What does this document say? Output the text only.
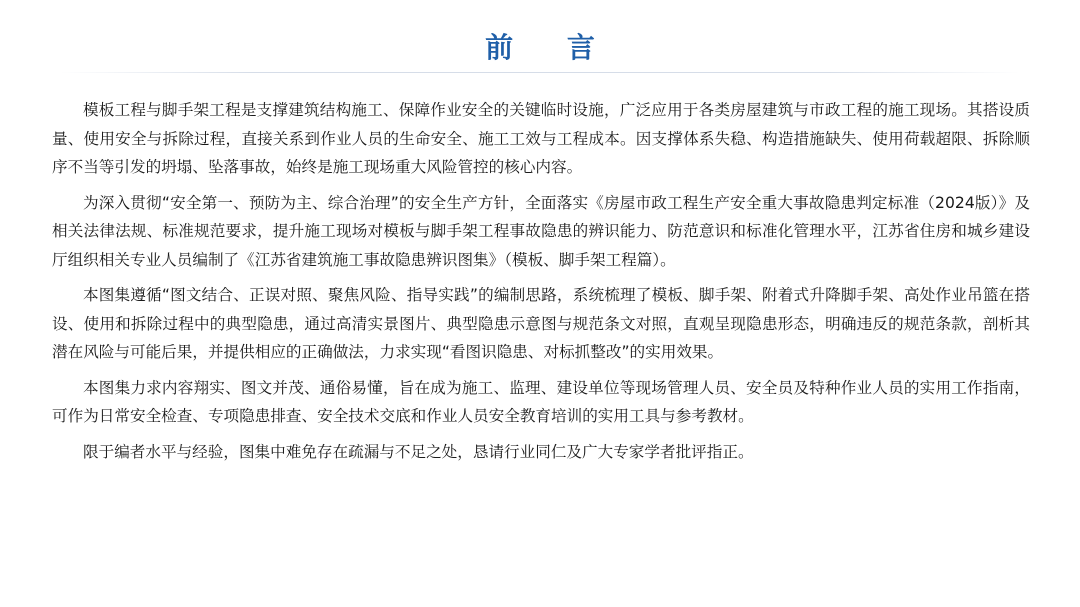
前 言

模板工程与脚手架工程是支撑建筑结构施工、保障作业安全的关键临时设施，广泛应用于各类房屋建筑与市政工程的施工现场。其搭设质量、使用安全与拆除过程，直接关系到作业人员的生命安全、施工工效与工程成本。因支撑体系失稳、构造措施缺失、使用荷载超限、拆除顺序不当等引发的坍塌、坠落事故，始终是施工现场重大风险管控的核心内容。

为深入贯彻“安全第一、预防为主、综合治理”的安全生产方针，全面落实《房屋市政工程生产安全重大事故隐患判定标准（2024版）》及相关法律法规、标准规范要求，提升施工现场对模板与脚手架工程事故隐患的辨识能力、防范意识和标准化管理水平，江苏省住房和城乡建设厅组织相关专业人员编制了《江苏省建筑施工事故隐患辨识图集》（模板、脚手架工程篇）。

本图集遵循“图文结合、正误对照、聚焦风险、指导实践”的编制思路，系统梳理了模板、脚手架、附着式升降脚手架、高处作业吊篮在搭设、使用和拆除过程中的典型隐患，通过高清实景图片、典型隐患示意图与规范条文对照，直观呈现隐患形态，明确违反的规范条款，剖析其潜在风险与可能后果，并提供相应的正确做法，力求实现“看图识隐患、对标抓整改”的实用效果。

本图集力求内容翔实、图文并茂、通俗易懂，旨在成为施工、监理、建设单位等现场管理人员、安全员及特种作业人员的实用工作指南，可作为日常安全检查、专项隐患排查、安全技术交底和作业人员安全教育培训的实用工具与参考教材。

限于编者水平与经验，图集中难免存在疏漏与不足之处，恳请行业同仁及广大专家学者批评指正。
